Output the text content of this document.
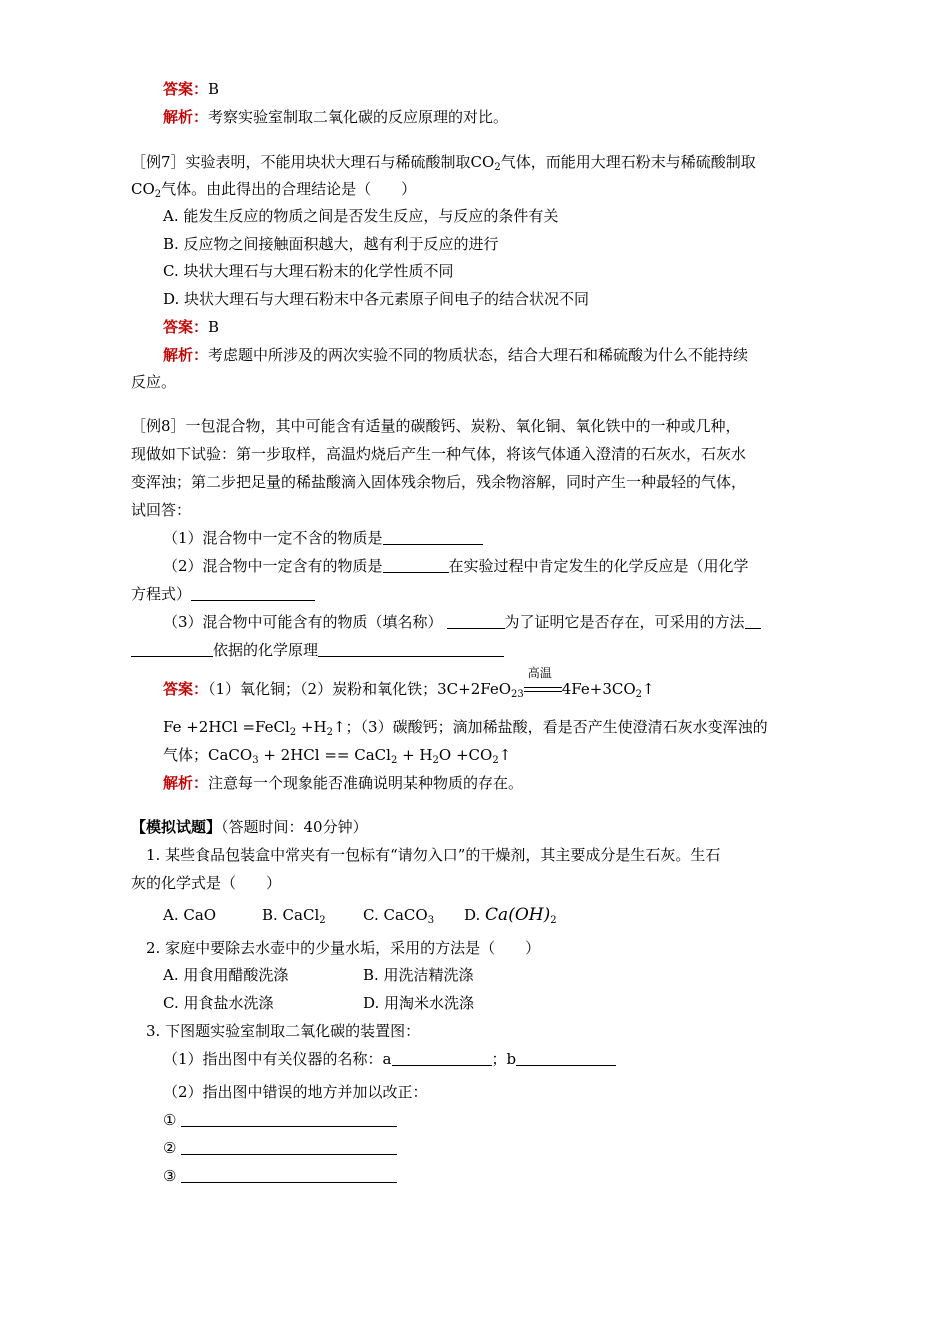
答案：B
解析：考察实验室制取二氧化碳的反应原理的对比。
［例7］实验表明，不能用块状大理石与稀硫酸制取$CO_2$气体，而能用大理石粉末与稀硫酸制取
$CO_2$气体。由此得出的合理结论是（　　）
A. 能发生反应的物质之间是否发生反应，与反应的条件有关
B. 反应物之间接触面积越大，越有利于反应的进行
C. 块状大理石与大理石粉末的化学性质不同
D. 块状大理石与大理石粉末中各元素原子间电子的结合状况不同
答案：B
解析：考虑题中所涉及的两次实验不同的物质状态，结合大理石和稀硫酸为什么不能持续
反应。
［例8］一包混合物，其中可能含有适量的碳酸钙、炭粉、氧化铜、氧化铁中的一种或几种，
现做如下试验：第一步取样，高温灼烧后产生一种气体，将该气体通入澄清的石灰水，石灰水
变浑浊；第二步把足量的稀盐酸滴入固体残余物后，残余物溶解，同时产生一种最轻的气体，
试回答：
（1）混合物中一定不含的物质是
（2）混合物中一定含有的物质是	在实验过程中肯定发生的化学反应是（用化学
方程式）
（3）混合物中可能含有的物质（填名称）	为了证明它是否存在，可采用的方法
依据的化学原理
答案：（1）氧化铜；（2）炭粉和氧化铁；3C+2FeO$_{23}$
高温
$4Fe+3CO_2↑$
Fe +2HCl =FeCl$_2$ $+H_2↑$；（3）碳酸钙；滴加稀盐酸，看是否产生使澄清石灰水变浑浊的
气体；CaCO$_3$ + 2HCl == CaCl$_2$ + $H_2O$ $+CO_2↑$
解析：注意每一个现象能否准确说明某种物质的存在。
【模拟试题】（答题时间：40分钟）
1. 某些食品包装盒中常夹有一包标有“请勿入口”的干燥剂，其主要成分是生石灰。生石
灰的化学式是（　　）
A. CaO	B. CaCl$_2$ C. CaCO$_3$ D. $Ca(OH)_2$
2. 家庭中要除去水壶中的少量水垢，采用的方法是（　　）
A. 用食用醋酸洗涤	B. 用洗洁精洗涤
C. 用食盐水洗涤	D. 用淘米水洗涤
3. 下图题实验室制取二氧化碳的装置图：
（1）指出图中有关仪器的名称：a	；b
（2）指出图中错误的地方并加以改正：
①
②
③
